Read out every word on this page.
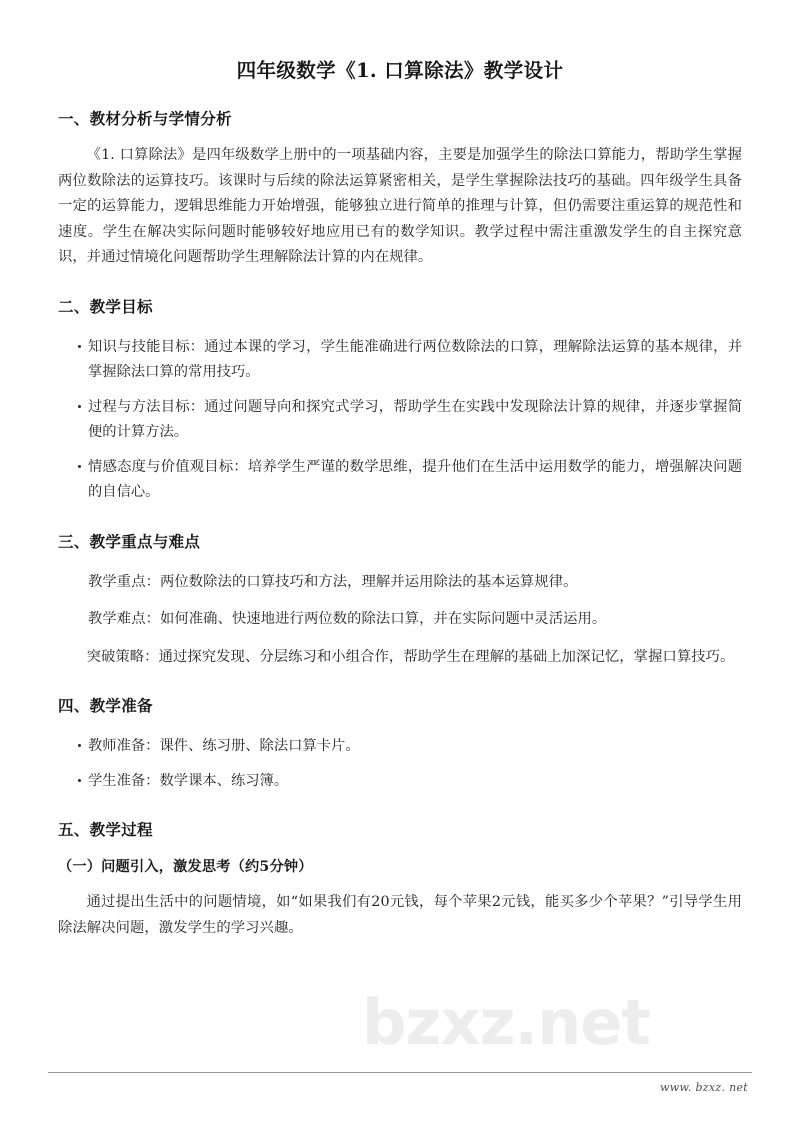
四年级数学《1. 口算除法》教学设计
一、教材分析与学情分析

《1. 口算除法》是四年级数学上册中的一项基础内容，主要是加强学生的除法口算能力，帮助学生掌握两位数除法的运算技巧。该课时与后续的除法运算紧密相关，是学生掌握除法技巧的基础。四年级学生具备一定的运算能力，逻辑思维能力开始增强，能够独立进行简单的推理与计算，但仍需要注重运算的规范性和速度。学生在解决实际问题时能够较好地应用已有的数学知识。教学过程中需注重激发学生的自主探究意识，并通过情境化问题帮助学生理解除法计算的内在规律。

二、教学目标
知识与技能目标：通过本课的学习，学生能准确进行两位数除法的口算，理解除法运算的基本规律，并掌握除法口算的常用技巧。
过程与方法目标：通过问题导向和探究式学习，帮助学生在实践中发现除法计算的规律，并逐步掌握简便的计算方法。
情感态度与价值观目标：培养学生严谨的数学思维，提升他们在生活中运用数学的能力，增强解决问题的自信心。
三、教学重点与难点

教学重点：两位数除法的口算技巧和方法，理解并运用除法的基本运算规律。

教学难点：如何准确、快速地进行两位数的除法口算，并在实际问题中灵活运用。

突破策略：通过探究发现、分层练习和小组合作，帮助学生在理解的基础上加深记忆，掌握口算技巧。

四、教学准备
教师准备：课件、练习册、除法口算卡片。
学生准备：数学课本、练习簿。
五、教学过程
（一）问题引入，激发思考（约5分钟）

通过提出生活中的问题情境，如“如果我们有20元钱，每个苹果2元钱，能买多少个苹果？”引导学生用除法解决问题，激发学生的学习兴趣。

bzxz.net
www. bzxz. net
